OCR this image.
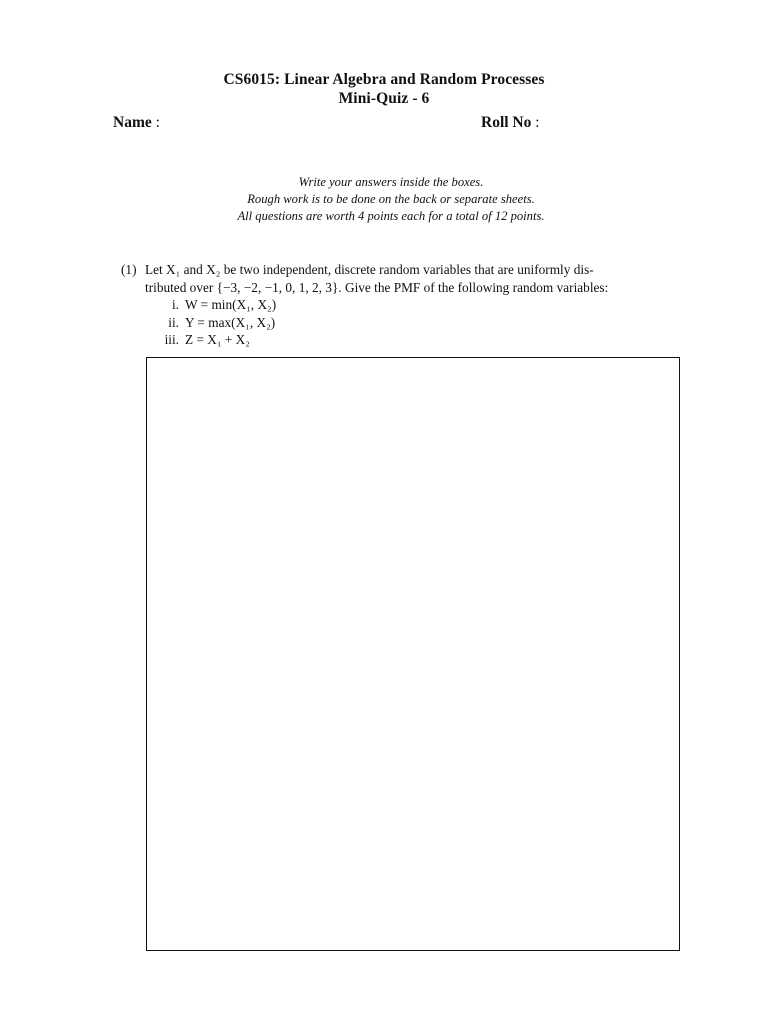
CS6015: Linear Algebra and Random Processes
Mini-Quiz - 6
Name :	Roll No :
Write your answers inside the boxes.
Rough work is to be done on the back or separate sheets.
All questions are worth 4 points each for a total of 12 points.
(1) Let X₁ and X₂ be two independent, discrete random variables that are uniformly dis-
tributed over {−3, −2, −1, 0, 1, 2, 3}. Give the PMF of the following random variables:
i. W = min(X₁, X₂)
ii. Y = max(X₁, X₂)
iii. Z = X₁ + X₂
